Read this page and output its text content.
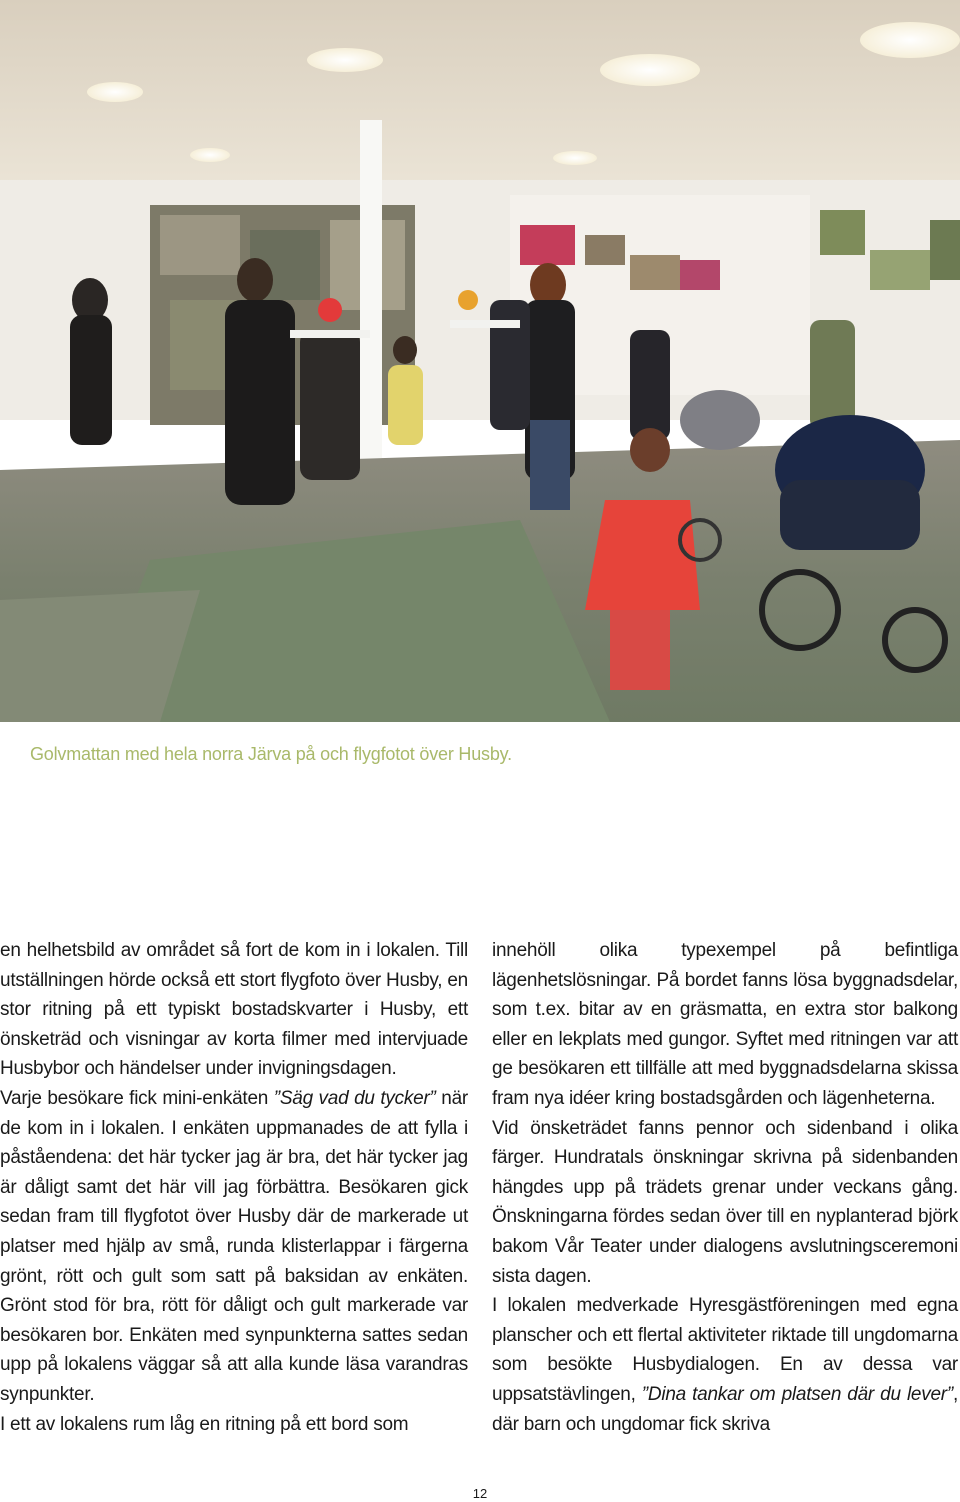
Golvmattan med hela norra Järva på och flygfotot över Husby.

en helhetsbild av området så fort de kom in i lokalen. Till utställningen hörde också ett stort flygfoto över Husby, en stor ritning på ett typiskt bostadskvarter i Husby, ett önsketräd och visningar av korta filmer med intervjuade Husbybor och händelser under invigningsdagen.

Varje besökare fick mini-enkäten ”Säg vad du tycker” när de kom in i lokalen. I enkäten uppmanades de att fylla i påståendena: det här tycker jag är bra, det här tycker jag är dåligt samt det här vill jag förbättra. Besökaren gick sedan fram till flygfotot över Husby där de markerade ut platser med hjälp av små, runda klisterlappar i färgerna grönt, rött och gult som satt på baksidan av enkäten. Grönt stod för bra, rött för dåligt och gult markerade var besökaren bor. Enkäten med synpunkterna sattes sedan upp på lokalens väggar så att alla kunde läsa varandras synpunkter.

I ett av lokalens rum låg en ritning på ett bord som

innehöll olika typexempel på befintliga lägenhetslösningar. På bordet fanns lösa byggnadsdelar, som t.ex. bitar av en gräsmatta, en extra stor balkong eller en lekplats med gungor. Syftet med ritningen var att ge besökaren ett tillfälle att med byggnadsdelarna skissa fram nya idéer kring bostadsgården och lägenheterna.

Vid önsketrädet fanns pennor och sidenband i olika färger. Hundratals önskningar skrivna på sidenbanden hängdes upp på trädets grenar under veckans gång. Önskningarna fördes sedan över till en nyplanterad björk bakom Vår Teater under dialogens avslutningsceremoni sista dagen.

I lokalen medverkade Hyresgästföreningen med egna planscher och ett flertal aktiviteter riktade till ungdomarna som besökte Husbydialogen. En av dessa var uppsatstävlingen, ”Dina tankar om platsen där du lever”, där barn och ungdomar fick skriva

12
